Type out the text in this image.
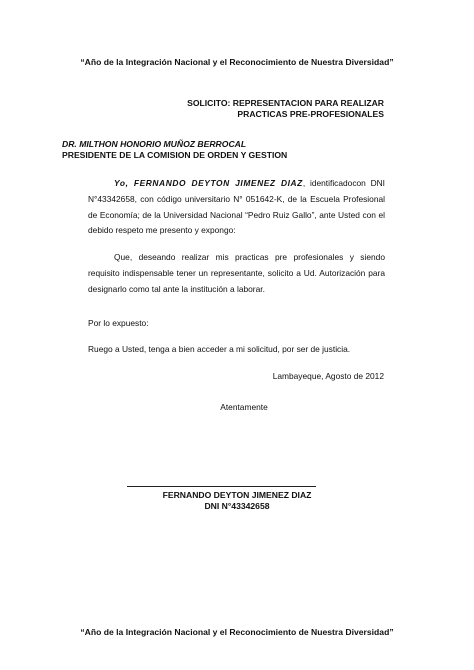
“Año de la Integración Nacional y el Reconocimiento de Nuestra Diversidad”
SOLICITO: REPRESENTACION PARA REALIZAR
PRACTICAS PRE-PROFESIONALES
DR. MILTHON HONORIO MUÑOZ BERROCAL
PRESIDENTE DE LA COMISION DE ORDEN Y GESTION
Yo, FERNANDO DEYTON JIMENEZ DIAZ, identificadocon DNI N°43342658, con código universitario N° 051642-K, de la Escuela Profesional de Economía; de la Universidad Nacional “Pedro Ruiz Gallo”, ante Usted con el debido respeto me presento y expongo:
Que, deseando realizar mis practicas pre profesionales y siendo requisito indispensable tener un representante, solicito a Ud. Autorización para designarlo como tal ante la institución a laborar.
Por lo expuesto:
Ruego a Usted, tenga a bien acceder a mi solicitud, por ser de justicia.
Lambayeque, Agosto de 2012
Atentamente
FERNANDO DEYTON JIMENEZ DIAZ
DNI N°43342658
“Año de la Integración Nacional y el Reconocimiento de Nuestra Diversidad”
